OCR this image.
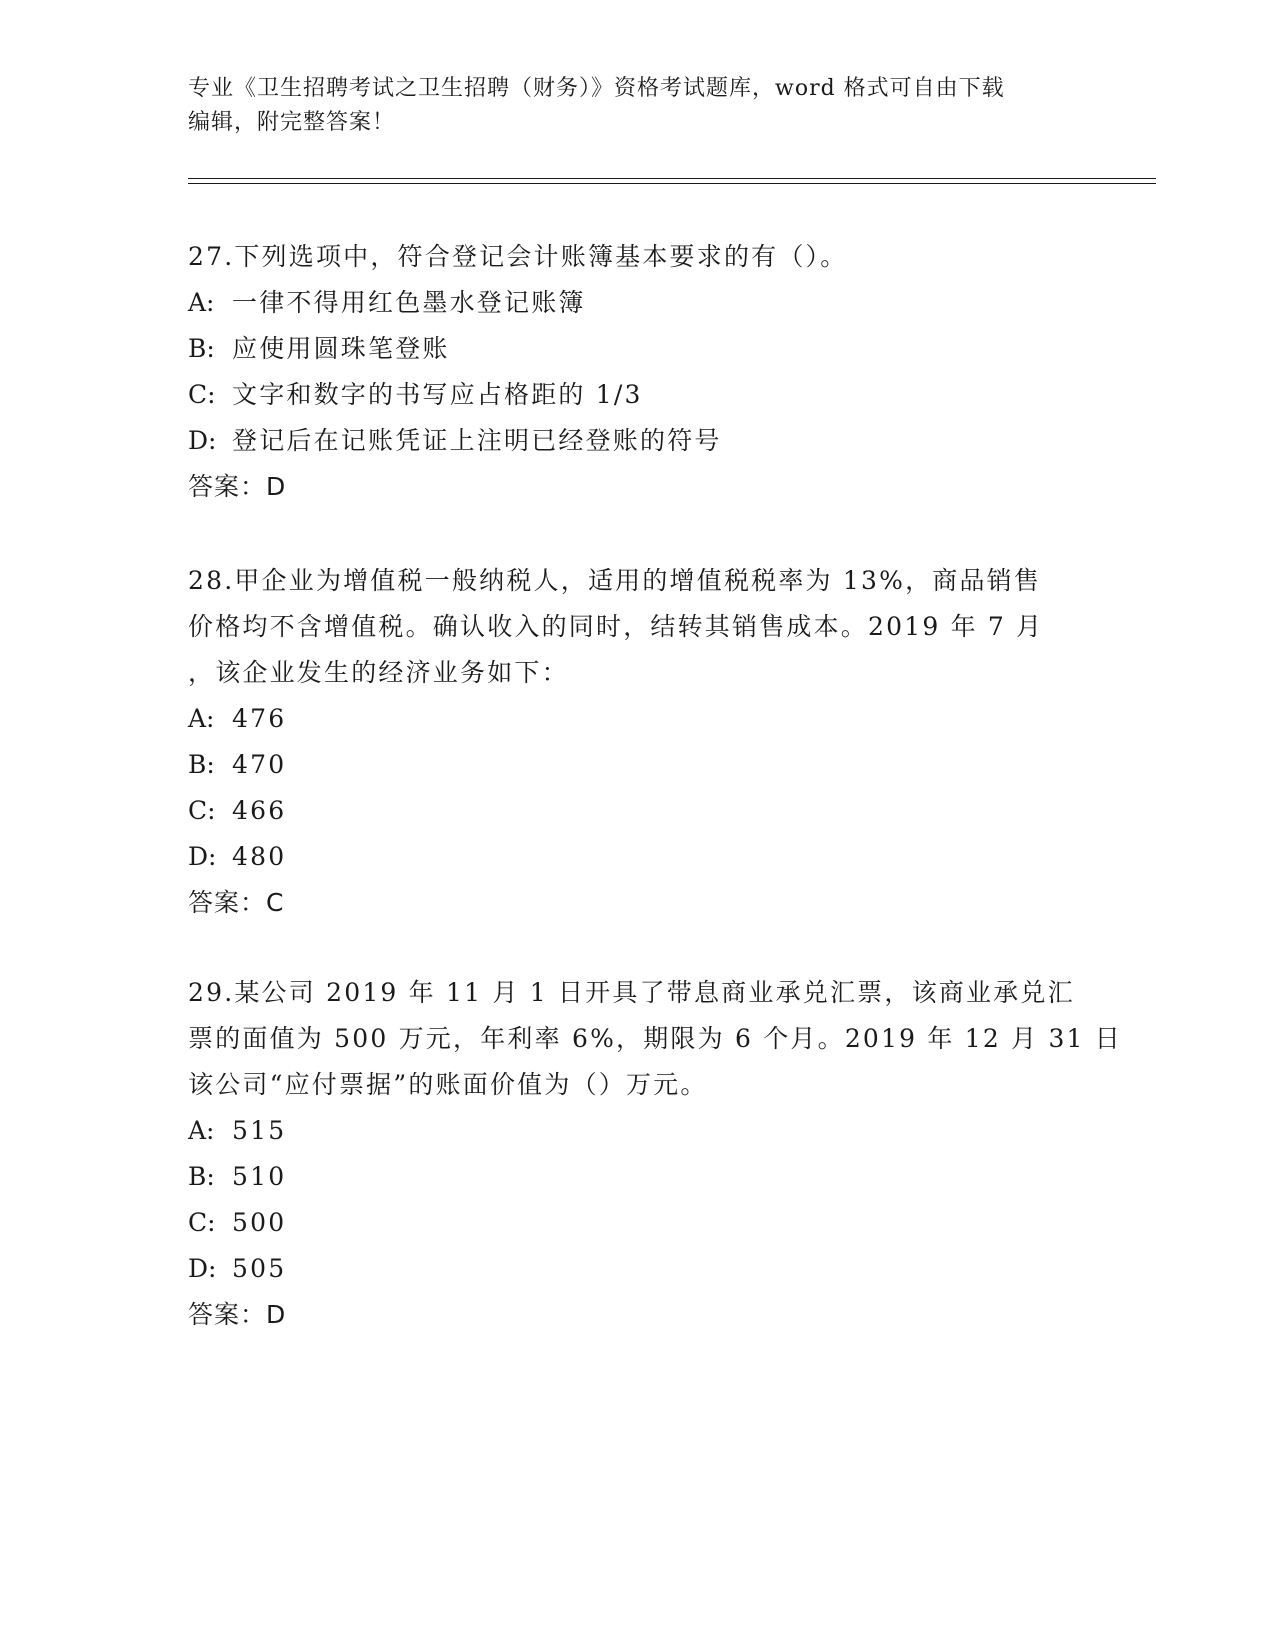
专业《卫生招聘考试之卫生招聘（财务）》资格考试题库，word 格式可自由下载
编辑，附完整答案！
27.下列选项中，符合登记会计账簿基本要求的有（）。
A: 一律不得用红色墨水登记账簿
B: 应使用圆珠笔登账
C: 文字和数字的书写应占格距的 1/3
D: 登记后在记账凭证上注明已经登账的符号
答案：D
28.甲企业为增值税一般纳税人，适用的增值税税率为 13%，商品销售
价格均不含增值税。确认收入的同时，结转其销售成本。2019 年 7 月
，该企业发生的经济业务如下：
A: 476
B: 470
C: 466
D: 480
答案：C
29.某公司 2019 年 11 月 1 日开具了带息商业承兑汇票，该商业承兑汇
票的面值为 500 万元，年利率 6%，期限为 6 个月。2019 年 12 月 31 日
该公司“应付票据”的账面价值为（）万元。
A: 515
B: 510
C: 500
D: 505
答案：D
